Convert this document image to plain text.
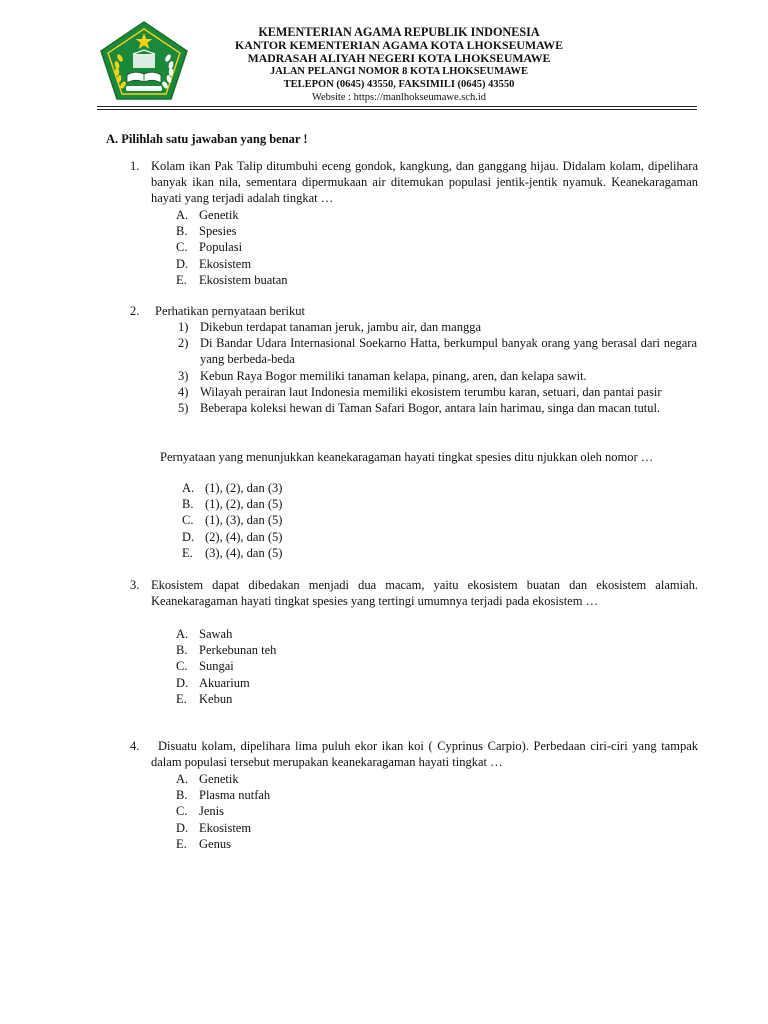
KEMENTERIAN AGAMA REPUBLIK INDONESIA
KANTOR KEMENTERIAN AGAMA KOTA LHOKSEUMAWE
MADRASAH ALIYAH NEGERI KOTA LHOKSEUMAWE
JALAN PELANGI NOMOR 8 KOTA LHOKSEUMAWE
TELEPON (0645) 43550, FAKSIMILI (0645) 43550
Website : https://manlhokseumawe.sch.id
A. Pilihlah satu jawaban yang benar !
1. Kolam ikan Pak Talip ditumbuhi eceng gondok, kangkung, dan ganggang hijau. Didalam kolam, dipelihara banyak ikan nila, sementara dipermukaan air ditemukan populasi jentik-jentik nyamuk. Keanekaragaman hayati yang terjadi adalah tingkat …
A. Genetik
B. Spesies
C. Populasi
D. Ekosistem
E. Ekosistem buatan
2. Perhatikan pernyataan berikut
1) Dikebun terdapat tanaman jeruk, jambu air, dan mangga
2) Di Bandar Udara Internasional Soekarno Hatta, berkumpul banyak orang yang berasal dari negara yang berbeda-beda
3) Kebun Raya Bogor memiliki tanaman kelapa, pinang, aren, dan kelapa sawit.
4) Wilayah perairan laut Indonesia memiliki ekosistem terumbu karan, setuari, dan pantai pasir
5) Beberapa koleksi hewan di Taman Safari Bogor, antara lain harimau, singa dan macan tutul.
Pernyataan yang menunjukkan keanekaragaman hayati tingkat spesies ditu njukkan oleh nomor …
A. (1), (2), dan (3)
B. (1), (2), dan (5)
C. (1), (3), dan (5)
D. (2), (4), dan (5)
E. (3), (4), dan (5)
3. Ekosistem dapat dibedakan menjadi dua macam, yaitu ekosistem buatan dan ekosistem alamiah. Keanekaragaman hayati tingkat spesies yang tertingi umumnya terjadi pada ekosistem …
A. Sawah
B. Perkebunan teh
C. Sungai
D. Akuarium
E. Kebun
4.	Disuatu kolam, dipelihara lima puluh ekor ikan koi ( Cyprinus Carpio). Perbedaan ciri-ciri yang tampak dalam populasi tersebut merupakan keanekaragaman hayati tingkat …
A. Genetik
B. Plasma nutfah
C. Jenis
D. Ekosistem
E. Genus
